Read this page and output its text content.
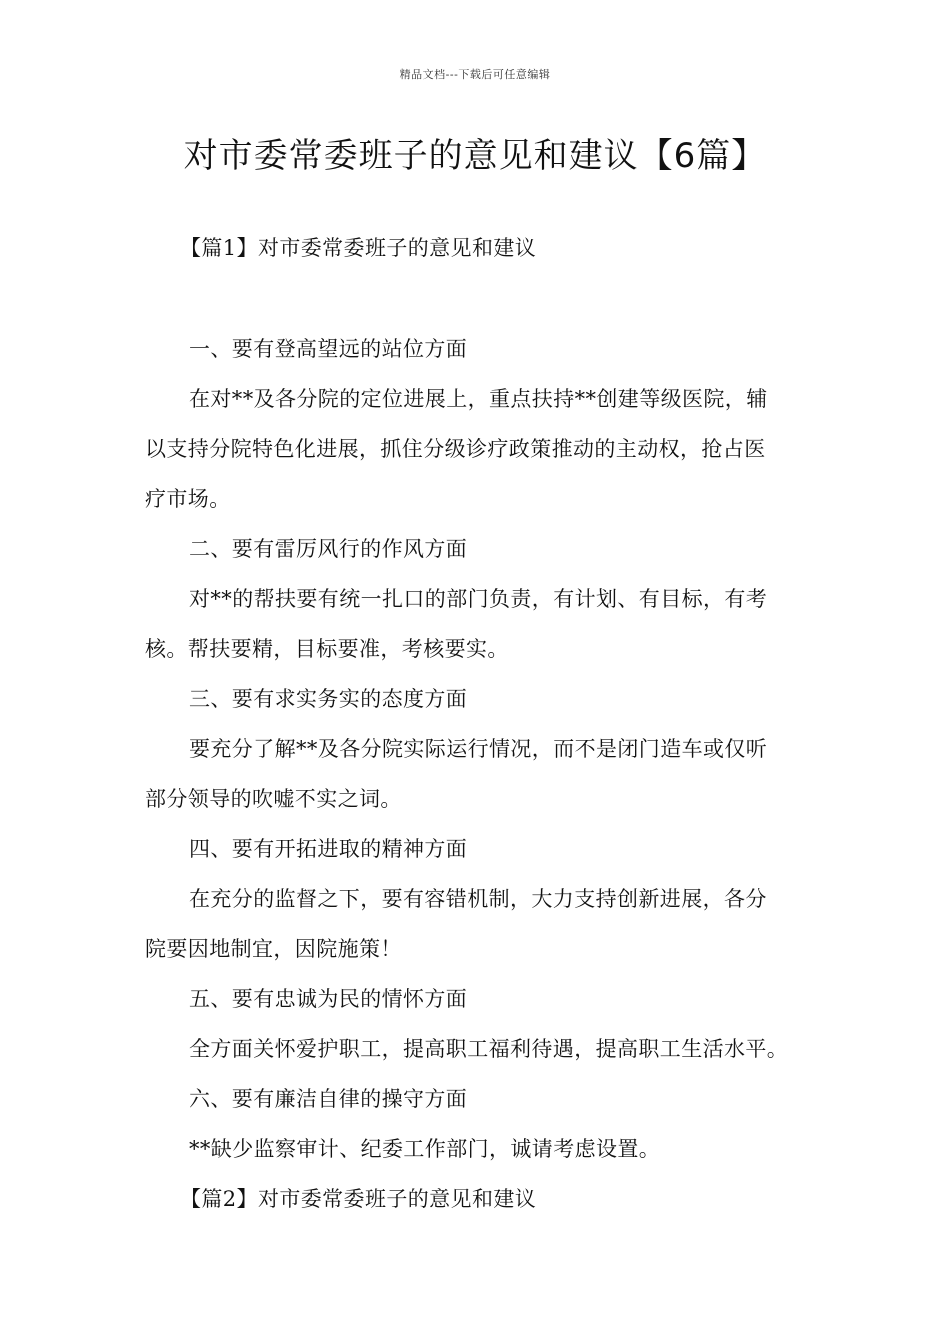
精品文档---下载后可任意编辑
对市委常委班子的意见和建议【6篇】
【篇1】对市委常委班子的意见和建议

一、要有登高望远的站位方面

在对**及各分院的定位进展上，重点扶持**创建等级医院，辅

以支持分院特色化进展，抓住分级诊疗政策推动的主动权，抢占医

疗市场。

二、要有雷厉风行的作风方面

对**的帮扶要有统一扎口的部门负责，有计划、有目标，有考

核。帮扶要精，目标要准，考核要实。

三、要有求实务实的态度方面

要充分了解**及各分院实际运行情况，而不是闭门造车或仅听

部分领导的吹嘘不实之词。

四、要有开拓进取的精神方面

在充分的监督之下，要有容错机制，大力支持创新进展，各分

院要因地制宜，因院施策！

五、要有忠诚为民的情怀方面

全方面关怀爱护职工，提高职工福利待遇，提高职工生活水平。

六、要有廉洁自律的操守方面

**缺少监察审计、纪委工作部门，诚请考虑设置。

【篇2】对市委常委班子的意见和建议
